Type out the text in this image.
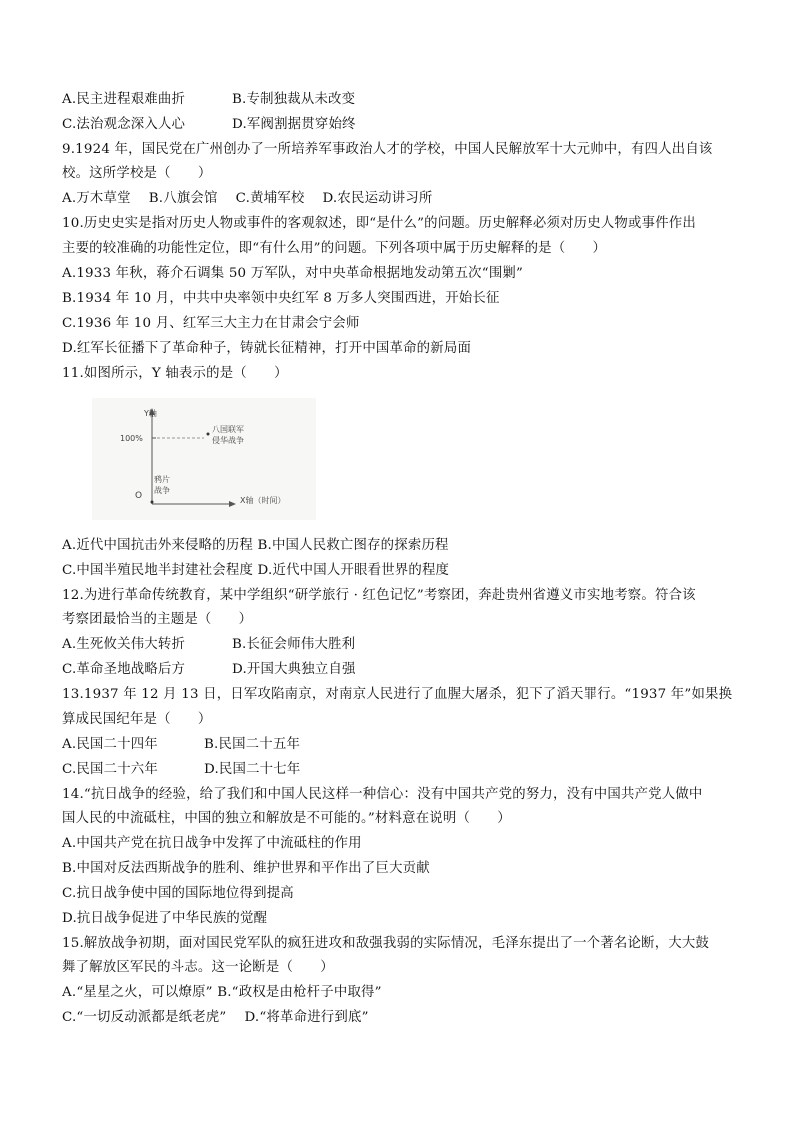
A.民主进程艰难曲折	B.专制独裁从未改变
C.法治观念深入人心	D.军阀割据贯穿始终
9.1924 年，国民党在广州创办了一所培养军事政治人才的学校，中国人民解放军十大元帅中，有四人出自该
校。这所学校是（　　）
A.万木草堂　 B.八旗会馆　 C.黄埔军校　 D.农民运动讲习所
10.历史史实是指对历史人物或事件的客观叙述，即“是什么”的问题。历史解释必须对历史人物或事件作出
主要的较准确的功能性定位，即“有什么用”的问题。下列各项中属于历史解释的是（　　）
A.1933 年秋，蒋介石调集 50 万军队，对中央革命根据地发动第五次“围剿”
B.1934 年 10 月，中共中央率领中央红军 8 万多人突围西进，开始长征
C.1936 年 10 月、红军三大主力在甘肃会宁会师
D.红军长征播下了革命种子，铸就长征精神，打开中国革命的新局面
11.如图所示，Y 轴表示的是（　　）
Y轴
100%
O	X轴（时间）
八国联军
侵华战争
鸦片
战争
A.近代中国抗击外来侵略的历程 B.中国人民救亡图存的探索历程
C.中国半殖民地半封建社会程度 D.近代中国人开眼看世界的程度
12.为进行革命传统教育，某中学组织“研学旅行 · 红色记忆”考察团，奔赴贵州省遵义市实地考察。符合该
考察团最恰当的主题是（　　）
A.生死攸关伟大转折	B.长征会师伟大胜利
C.革命圣地战略后方	D.开国大典独立自强
13.1937 年 12 月 13 日，日军攻陷南京，对南京人民进行了血腥大屠杀，犯下了滔天罪行。“1937 年”如果换
算成民国纪年是（　　）
A.民国二十四年	B.民国二十五年
C.民国二十六年	D.民国二十七年
14.“抗日战争的经验，给了我们和中国人民这样一种信心：没有中国共产党的努力，没有中国共产党人做中
国人民的中流砥柱，中国的独立和解放是不可能的。”材料意在说明（　　）
A.中国共产党在抗日战争中发挥了中流砥柱的作用
B.中国对反法西斯战争的胜利、维护世界和平作出了巨大贡献
C.抗日战争使中国的国际地位得到提高
D.抗日战争促进了中华民族的觉醒
15.解放战争初期，面对国民党军队的疯狂进攻和敌强我弱的实际情况，毛泽东提出了一个著名论断，大大鼓
舞了解放区军民的斗志。这一论断是（　　）
A.“星星之火，可以燎原” B.“政权是由枪杆子中取得”
C.“一切反动派都是纸老虎”　 D.“将革命进行到底”
